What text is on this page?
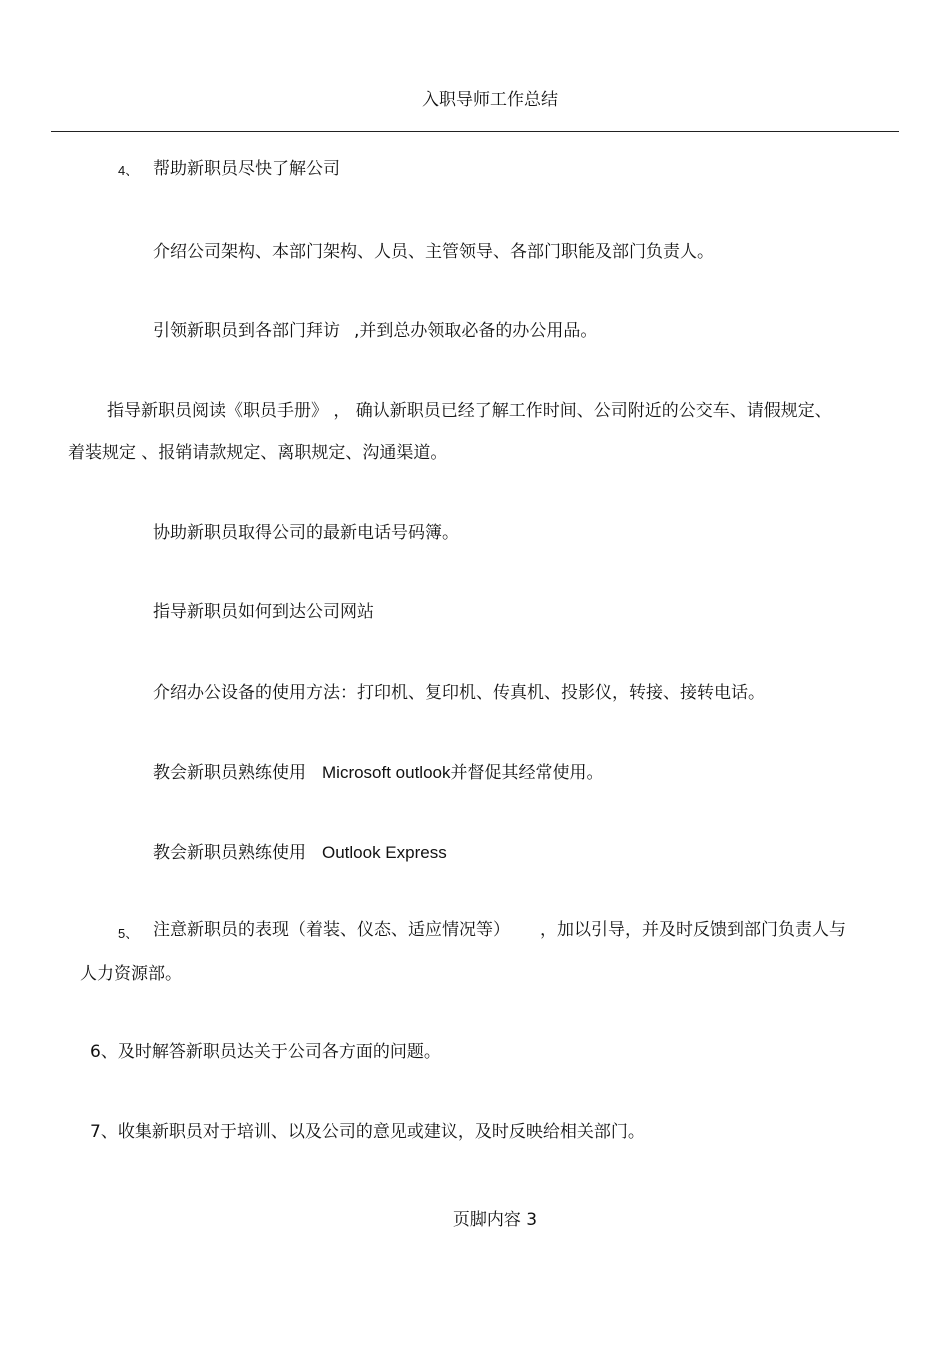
入职导师工作总结
4、 帮助新职员尽快了解公司
介绍公司架构、本部门架构、人员、主管领导、各部门职能及部门负责人。
引领新职员到各部门拜访 ,并到总办领取必备的办公用品。
指导新职员阅读《职员手册》 ， 确认新职员已经了解工作时间、公司附近的公交车、请假规定、
着装规定 、报销请款规定、离职规定、沟通渠道。
协助新职员取得公司的最新电话号码簿。
指导新职员如何到达公司网站
介绍办公设备的使用方法：打印机、复印机、传真机、投影仪，转接、接转电话。
教会新职员熟练使用 Microsoft outlook并督促其经常使用。
教会新职员熟练使用 Outlook Express
5、 注意新职员的表现（着装、仪态、适应情况等） ，加以引导，并及时反馈到部门负责人与
人力资源部。
6、及时解答新职员达关于公司各方面的问题。
7、收集新职员对于培训、以及公司的意见或建议，及时反映给相关部门。
页脚内容 3
